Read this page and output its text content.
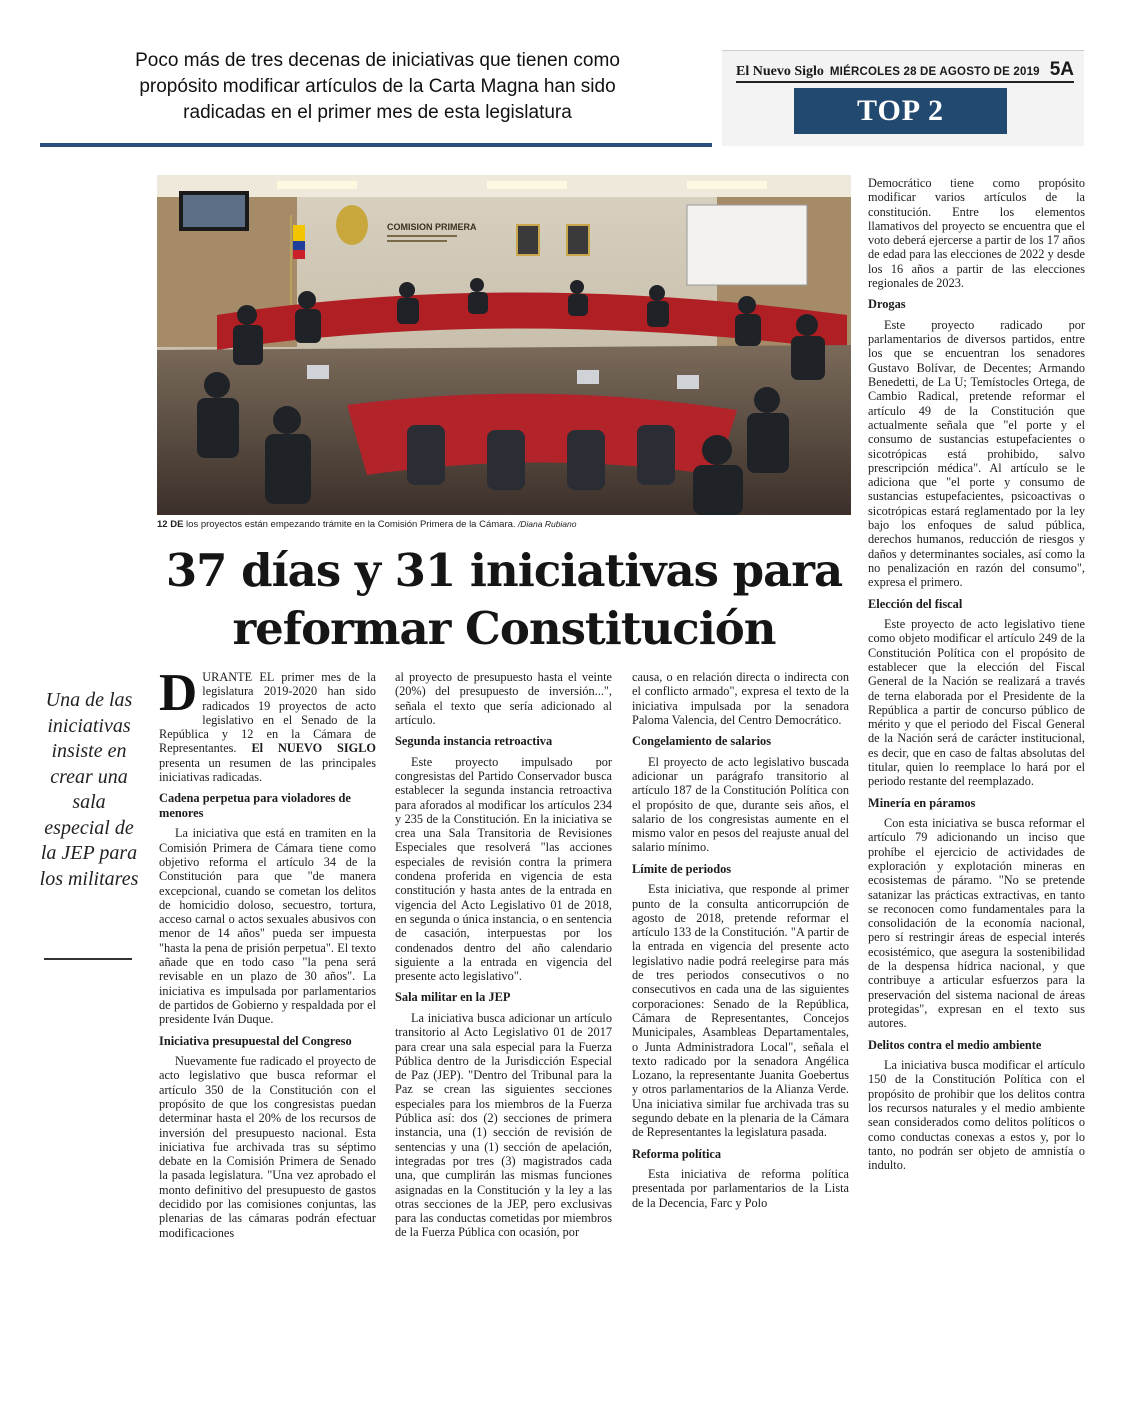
Poco más de tres decenas de iniciativas que tienen como propósito modificar artículos de la Carta Magna han sido radicadas en el primer mes de esta legislatura
El Nuevo Siglo MIÉRCOLES 28 DE AGOSTO DE 2019 5A
TOP 2
COMISION PRIMERA
12 DE los proyectos están empezando trámite en la Comisión Primera de la Cámara. /Diana Rubiano
37 días y 31 iniciativas para reformar Constitución
Una de las iniciativas insiste en crear una sala especial de la JEP para los militares

DURANTE EL primer mes de la legislatura 2019-2020 han sido radicados 19 proyectos de acto legislativo en el Senado de la República y 12 en la Cámara de Representantes. El NUEVO SIGLO presenta un resumen de las principales iniciativas radicadas.

Cadena perpetua para violadores de menores

La iniciativa que está en tramiten en la Comisión Primera de Cámara tiene como objetivo reforma el artículo 34 de la Constitución para que "de manera excepcional, cuando se cometan los delitos de homicidio doloso, secuestro, tortura, acceso carnal o actos sexuales abusivos con menor de 14 años" pueda ser impuesta "hasta la pena de prisión perpetua". El texto añade que en todo caso "la pena será revisable en un plazo de 30 años". La iniciativa es impulsada por parlamentarios de partidos de Gobierno y respaldada por el presidente Iván Duque.

Iniciativa presupuestal del Congreso

Nuevamente fue radicado el proyecto de acto legislativo que busca reformar el artículo 350 de la Constitución con el propósito de que los congresistas puedan determinar hasta el 20% de los recursos de inversión del presupuesto nacional. Esta iniciativa fue archivada tras su séptimo debate en la Comisión Primera de Senado la pasada legislatura. "Una vez aprobado el monto definitivo del presupuesto de gastos decidido por las comisiones conjuntas, las plenarias de las cámaras podrán efectuar modificaciones

al proyecto de presupuesto hasta el veinte (20%) del presupuesto de inversión...", señala el texto que sería adicionado al artículo.

Segunda instancia retroactiva

Este proyecto impulsado por congresistas del Partido Conservador busca establecer la segunda instancia retroactiva para aforados al modificar los artículos 234 y 235 de la Constitución. En la iniciativa se crea una Sala Transitoria de Revisiones Especiales que resolverá "las acciones especiales de revisión contra la primera condena proferida en vigencia de esta constitución y hasta antes de la entrada en vigencia del Acto Legislativo 01 de 2018, en segunda o única instancia, o en sentencia de casación, interpuestas por los condenados dentro del año calendario siguiente a la entrada en vigencia del presente acto legislativo".

Sala militar en la JEP

La iniciativa busca adicionar un artículo transitorio al Acto Legislativo 01 de 2017 para crear una sala especial para la Fuerza Pública dentro de la Jurisdicción Especial de Paz (JEP). "Dentro del Tribunal para la Paz se crean las siguientes secciones especiales para los miembros de la Fuerza Pública así: dos (2) secciones de primera instancia, una (1) sección de revisión de sentencias y una (1) sección de apelación, integradas por tres (3) magistrados cada una, que cumplirán las mismas funciones asignadas en la Constitución y la ley a las otras secciones de la JEP, pero exclusivas para las conductas cometidas por miembros de la Fuerza Pública con ocasión, por

causa, o en relación directa o indirecta con el conflicto armado", expresa el texto de la iniciativa impulsada por la senadora Paloma Valencia, del Centro Democrático.

Congelamiento de salarios

El proyecto de acto legislativo buscada adicionar un parágrafo transitorio al artículo 187 de la Constitución Política con el propósito de que, durante seis años, el salario de los congresistas aumente en el mismo valor en pesos del reajuste anual del salario mínimo.

Límite de periodos

Esta iniciativa, que responde al primer punto de la consulta anticorrupción de agosto de 2018, pretende reformar el artículo 133 de la Constitución. "A partir de la entrada en vigencia del presente acto legislativo nadie podrá reelegirse para más de tres periodos consecutivos o no consecutivos en cada una de las siguientes corporaciones: Senado de la República, Cámara de Representantes, Concejos Municipales, Asambleas Departamentales, o Junta Administradora Local", señala el texto radicado por la senadora Angélica Lozano, la representante Juanita Goebertus y otros parlamentarios de la Alianza Verde. Una iniciativa similar fue archivada tras su segundo debate en la plenaria de la Cámara de Representantes la legislatura pasada.

Reforma política

Esta iniciativa de reforma política presentada por parlamentarios de la Lista de la Decencia, Farc y Polo

Democrático tiene como propósito modificar varios artículos de la constitución. Entre los elementos llamativos del proyecto se encuentra que el voto deberá ejercerse a partir de los 17 años de edad para las elecciones de 2022 y desde los 16 años a partir de las elecciones regionales de 2023.

Drogas

Este proyecto radicado por parlamentarios de diversos partidos, entre los que se encuentran los senadores Gustavo Bolívar, de Decentes; Armando Benedetti, de La U; Temístocles Ortega, de Cambio Radical, pretende reformar el artículo 49 de la Constitución que actualmente señala que "el porte y el consumo de sustancias estupefacientes o sicotrópicas está prohibido, salvo prescripción médica". Al artículo se le adiciona que "el porte y consumo de sustancias estupefacientes, psicoactivas o sicotrópicas estará reglamentado por la ley bajo los enfoques de salud pública, derechos humanos, reducción de riesgos y daños y determinantes sociales, así como la no penalización en razón del consumo", expresa el primero.

Elección del fiscal

Este proyecto de acto legislativo tiene como objeto modificar el artículo 249 de la Constitución Política con el propósito de establecer que la elección del Fiscal General de la Nación se realizará a través de terna elaborada por el Presidente de la República a partir de concurso público de mérito y que el periodo del Fiscal General de la Nación será de carácter institucional, es decir, que en caso de faltas absolutas del titular, quien lo reemplace lo hará por el periodo restante del reemplazado.

Minería en páramos

Con esta iniciativa se busca reformar el artículo 79 adicionando un inciso que prohíbe el ejercicio de actividades de exploración y explotación mineras en ecosistemas de páramo. "No se pretende satanizar las prácticas extractivas, en tanto se reconocen como fundamentales para la consolidación de la economía nacional, pero sí restringir áreas de especial interés ecosistémico, que asegura la sostenibilidad de la despensa hídrica nacional, y que contribuye a articular esfuerzos para la preservación del sistema nacional de áreas protegidas", expresan en el texto sus autores.

Delitos contra el medio ambiente

La iniciativa busca modificar el artículo 150 de la Constitución Política con el propósito de prohibir que los delitos contra los recursos naturales y el medio ambiente sean considerados como delitos políticos o como conductas conexas a estos y, por lo tanto, no podrán ser objeto de amnistía o indulto.
